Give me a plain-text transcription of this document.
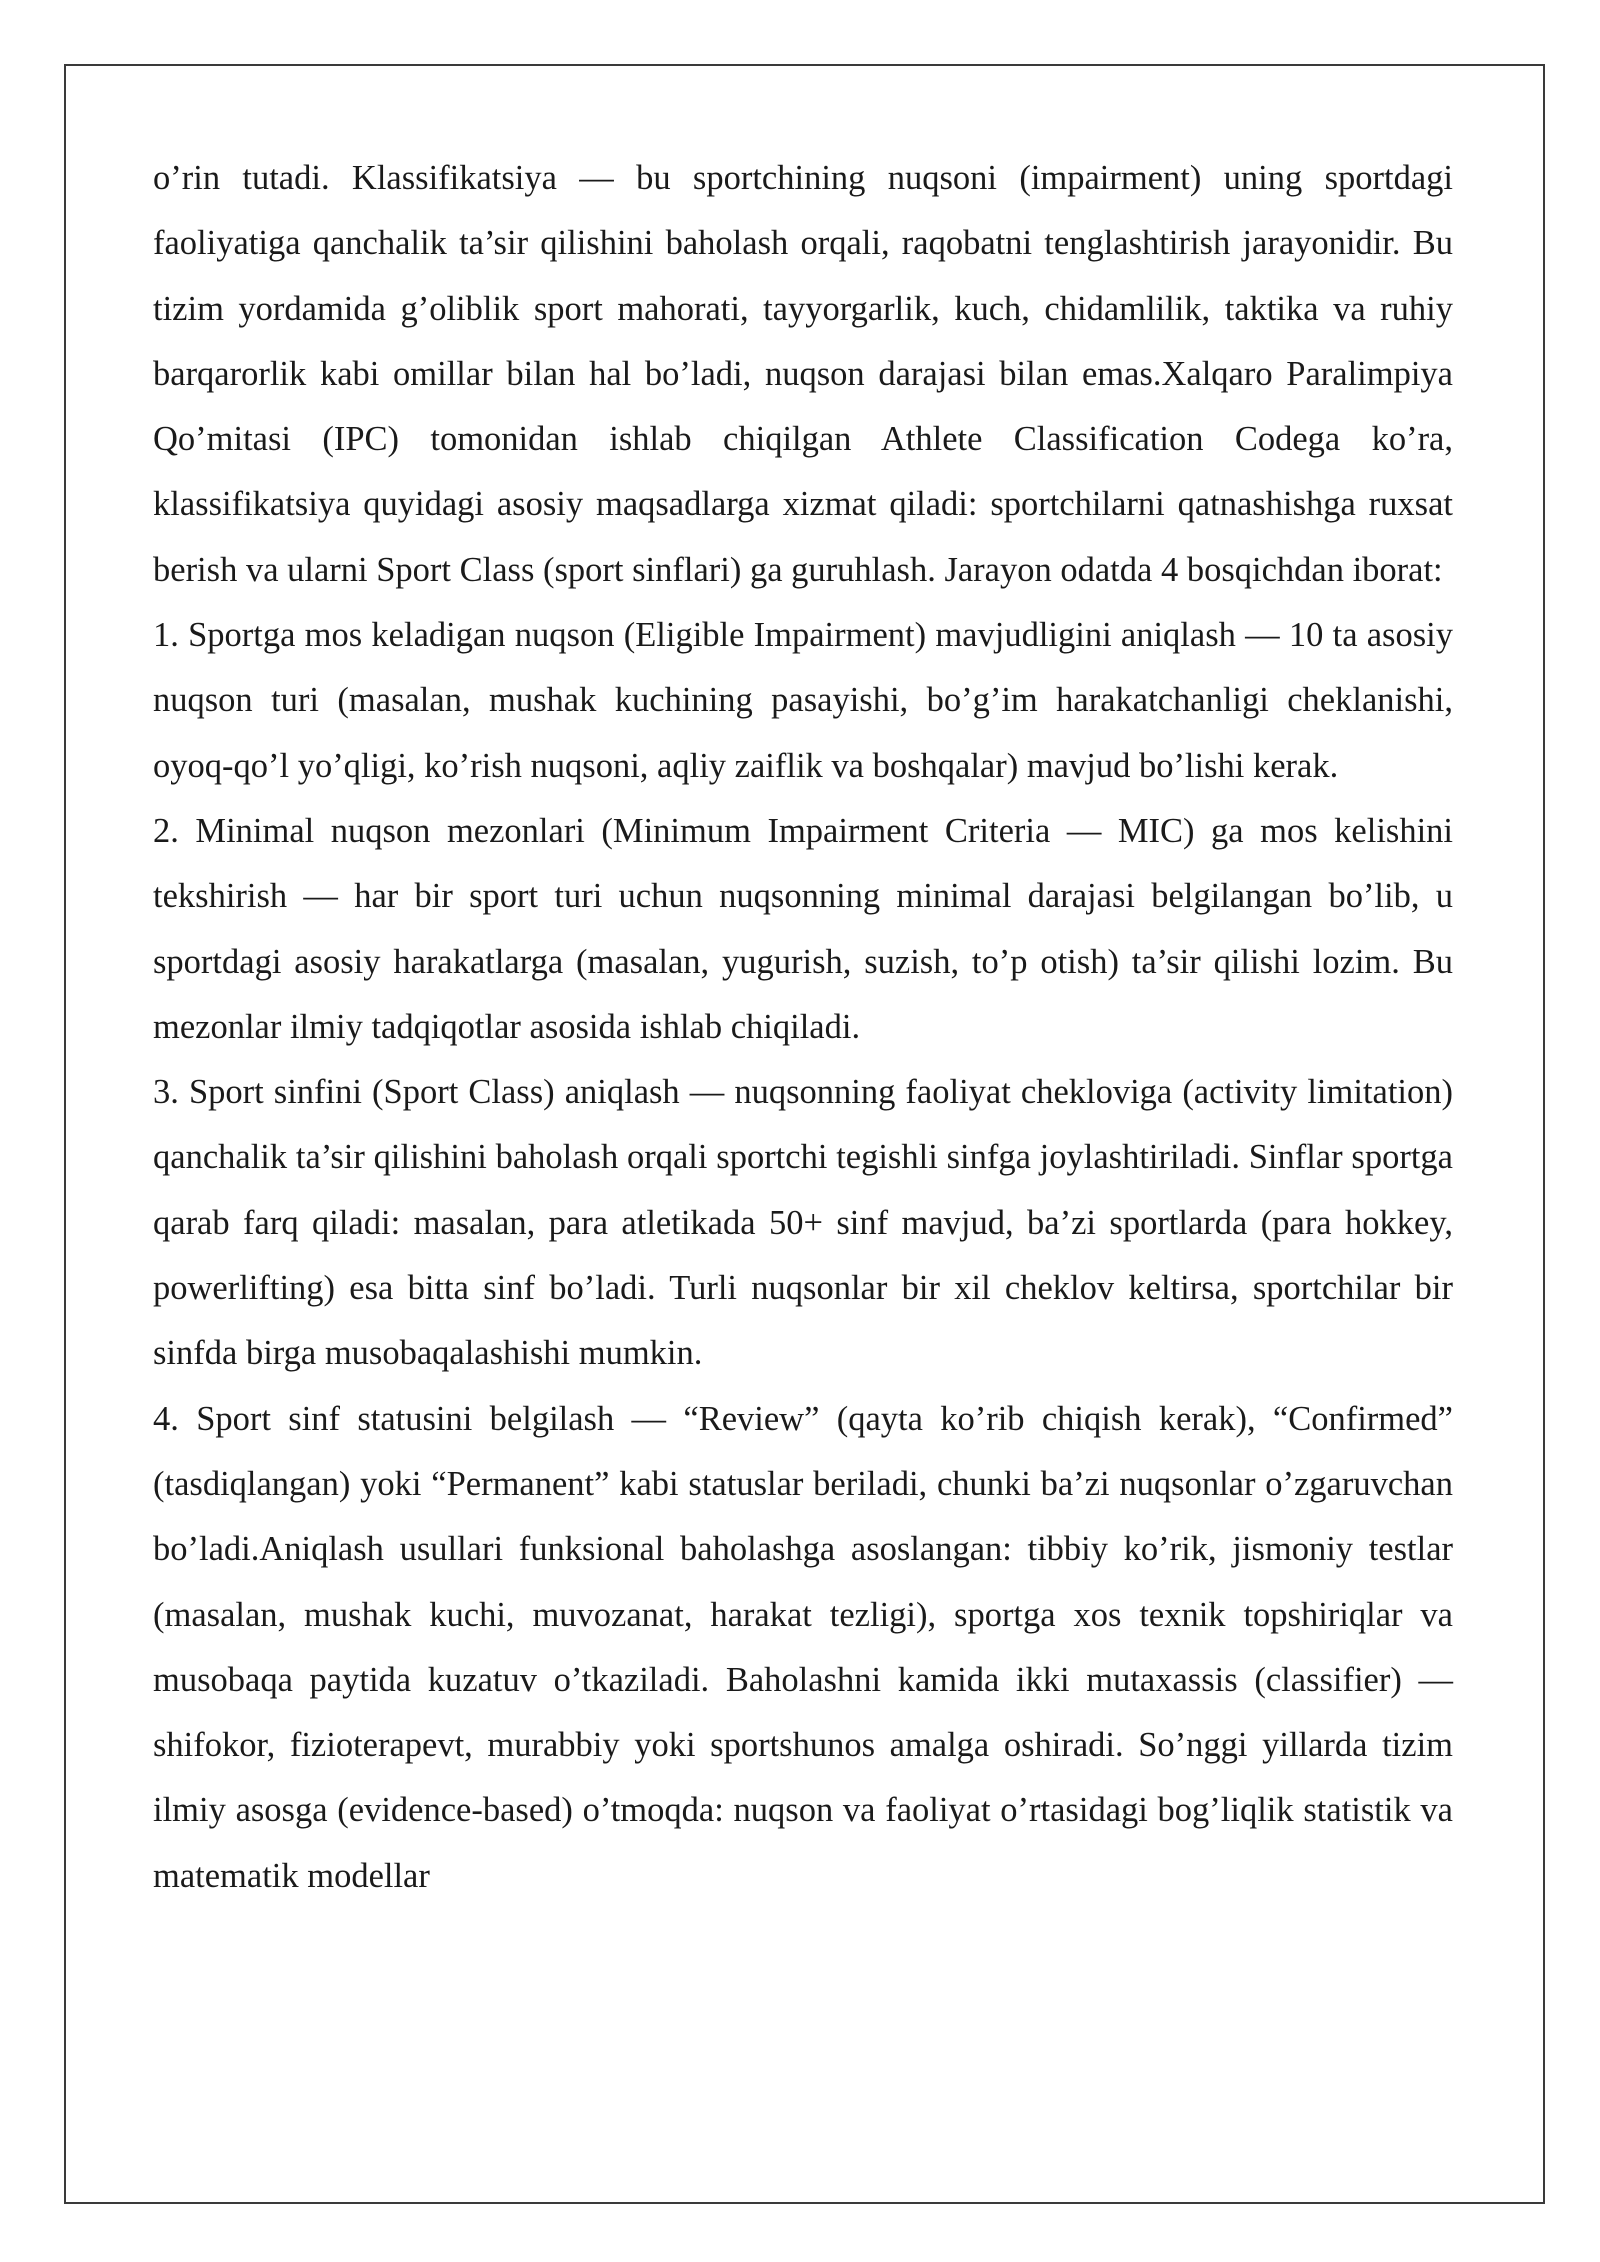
o’rin tutadi. Klassifikatsiya — bu sportchining nuqsoni (impairment) uning sportdagi faoliyatiga qanchalik ta’sir qilishini baholash orqali, raqobatni tenglashtirish jarayonidir. Bu tizim yordamida g’oliblik sport mahorati, tayyorgarlik, kuch, chidamlilik, taktika va ruhiy barqarorlik kabi omillar bilan hal bo’ladi, nuqson darajasi bilan emas.Xalqaro Paralimpiya Qo’mitasi (IPC) tomonidan ishlab chiqilgan Athlete Classification Codega ko’ra, klassifikatsiya quyidagi asosiy maqsadlarga xizmat qiladi: sportchilarni qatnashishga ruxsat berish va ularni Sport Class (sport sinflari) ga guruhlash. Jarayon odatda 4 bosqichdan iborat:

1. Sportga mos keladigan nuqson (Eligible Impairment) mavjudligini aniqlash — 10 ta asosiy nuqson turi (masalan, mushak kuchining pasayishi, bo’g’im harakatchanligi cheklanishi, oyoq-qo’l yo’qligi, ko’rish nuqsoni, aqliy zaiflik va boshqalar) mavjud bo’lishi kerak.

2. Minimal nuqson mezonlari (Minimum Impairment Criteria — MIC) ga mos kelishini tekshirish — har bir sport turi uchun nuqsonning minimal darajasi belgilangan bo’lib, u sportdagi asosiy harakatlarga (masalan, yugurish, suzish, to’p otish) ta’sir qilishi lozim. Bu mezonlar ilmiy tadqiqotlar asosida ishlab chiqiladi.

3. Sport sinfini (Sport Class) aniqlash — nuqsonning faoliyat chekloviga (activity limitation) qanchalik ta’sir qilishini baholash orqali sportchi tegishli sinfga joylashtiriladi. Sinflar sportga qarab farq qiladi: masalan, para atletikada 50+ sinf mavjud, ba’zi sportlarda (para hokkey, powerlifting) esa bitta sinf bo’ladi. Turli nuqsonlar bir xil cheklov keltirsa, sportchilar bir sinfda birga musobaqalashishi mumkin.

4. Sport sinf statusini belgilash — “Review” (qayta ko’rib chiqish kerak), “Confirmed” (tasdiqlangan) yoki “Permanent” kabi statuslar beriladi, chunki ba’zi nuqsonlar o’zgaruvchan bo’ladi.Aniqlash usullari funksional baholashga asoslangan: tibbiy ko’rik, jismoniy testlar (masalan, mushak kuchi, muvozanat, harakat tezligi), sportga xos texnik topshiriqlar va musobaqa paytida kuzatuv o’tkaziladi. Baholashni kamida ikki mutaxassis (classifier) — shifokor, fizioterapevt, murabbiy yoki sportshunos amalga oshiradi. So’nggi yillarda tizim ilmiy asosga (evidence-based) o’tmoqda: nuqson va faoliyat o’rtasidagi bog’liqlik statistik va matematik modellar
